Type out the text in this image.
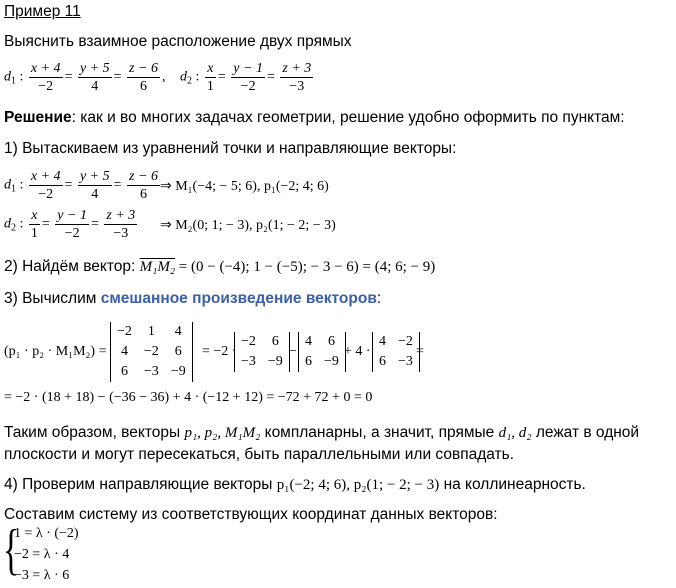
Пример 11
Выяснить взаимное расположение двух прямых
$d_1$ : $\frac{x + 4}{-2} = \frac{y + 5}{4} = \frac{z - 6}{6}$ , $d_2$ : $\frac{x}{1} = \frac{y - 1}{-2} = \frac{z + 3}{-3}$
Решение: как и во многих задачах геометрии, решение удобно оформить по пунктам:
1) Вытаскиваем из уравнений точки и направляющие векторы:
$d_1$ : $\frac{x + 4}{-2} = \frac{y + 5}{4} = \frac{z - 6}{6}$ ⇒ M₁(−4; − 5; 6), p₁(−2; 4; 6)
$d_2$ : $\frac{x}{1} = \frac{y - 1}{-2} = \frac{z + 3}{-3}$ ⇒ M₂(0; 1; − 3), p₂(1; − 2; − 3)
2) Найдём вектор: M₁M₂ = (0 − (−4); 1 − (−5); − 3 − 6) = (4; 6; − 9)
3) Вычислим смешанное произведение векторов:
(p₁ · p₂ · M₁M₂) =
−2	1	4
4	−2	6
6	−3	−9
= −2 ·
−2	6
−3	−9
−
4	6
6	−9
+ 4 ·
4	−2
6	−3
=
= −2 · (18 + 18) − (−36 − 36) + 4 · (−12 + 12) = −72 + 72 + 0 = 0
Таким образом, векторы p₁, p₂, M₁M₂ компланарны, а значит, прямые d₁, d₂ лежат в одной
плоскости и могут пересекаться, быть параллельными или совпадать.
4) Проверим направляющие векторы p₁(−2; 4; 6), p₂(1; − 2; − 3) на коллинеарность.
Составим систему из соответствующих координат данных векторов:
{
1 = λ · (−2)
−2 = λ · 4
−3 = λ · 6
